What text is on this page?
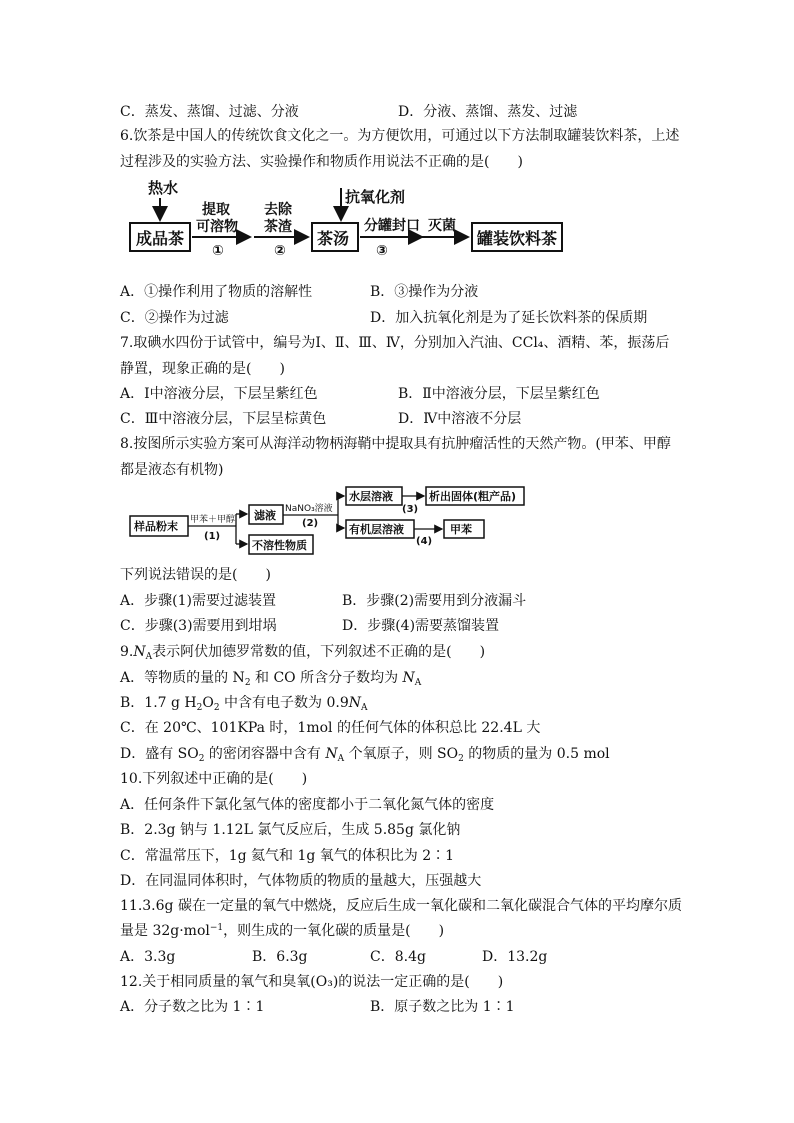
C．蒸发、蒸馏、过滤、分液	D．分液、蒸馏、蒸发、过滤
6.饮茶是中国人的传统饮食文化之一。为方便饮用，可通过以下方法制取罐装饮料茶，上述
过程涉及的实验方法、实验操作和物质作用说法不正确的是(　　)
热水
成品茶
提取
可溶物
①
去除
茶渣
②
抗氧化剂
茶汤
分罐封口
③
灭菌
罐装饮料茶
A．①操作利用了物质的溶解性	B．③操作为分液
C．②操作为过滤	D．加入抗氧化剂是为了延长饮料茶的保质期
7.取碘水四份于试管中，编号为Ⅰ、Ⅱ、Ⅲ、Ⅳ，分别加入汽油、CCl₄、酒精、苯，振荡后
静置，现象正确的是(　　)
A．Ⅰ中溶液分层，下层呈紫红色	B．Ⅱ中溶液分层，下层呈紫红色
C．Ⅲ中溶液分层，下层呈棕黄色	D．Ⅳ中溶液不分层
8.按图所示实验方案可从海洋动物柄海鞘中提取具有抗肿瘤活性的天然产物。(甲苯、甲醇
都是液态有机物)
样品粉末 甲苯＋甲醇
(1)
滤液
不溶性物质
NaNO₃溶液
(2)
水层溶液
有机层溶液
(3)
析出固体(粗产品)
(4)
甲苯
下列说法错误的是(　　)
A．步骤(1)需要过滤装置	B．步骤(2)需要用到分液漏斗
C．步骤(3)需要用到坩埚	D．步骤(4)需要蒸馏装置
$9.N_A$表示阿伏加德罗常数的值，下列叙述不正确的是(　　)
A．等物质的量的 $N_2$ 和 CO 所含分子数均为 $N_A$
B．1.7 g $H_2O_2$ 中含有电子数为 $0.9N_A$
C．在 20℃、101KPa 时，1mol 的任何气体的体积总比 22.4L 大
D．盛有 $SO_2$ 的密闭容器中含有 $N_A$ 个氧原子，则 $SO_2$ 的物质的量为 0.5 mol
10.下列叙述中正确的是(　　)
A．任何条件下氯化氢气体的密度都小于二氧化氮气体的密度
B．2.3g 钠与 1.12L 氯气反应后，生成 5.85g 氯化钠
C．常温常压下，1g 氦气和 1g 氧气的体积比为 2∶1
D．在同温同体积时，气体物质的物质的量越大，压强越大
11.3.6g 碳在一定量的氧气中燃烧，反应后生成一氧化碳和二氧化碳混合气体的平均摩尔质
量是 32g·mol$^{-1}$，则生成的一氧化碳的质量是(　　)
A．3.3g	B．6.3g	C．8.4g	D．13.2g
12.关于相同质量的氧气和臭氧(O₃)的说法一定正确的是(　　)
A．分子数之比为 1∶1	B．原子数之比为 1∶1
